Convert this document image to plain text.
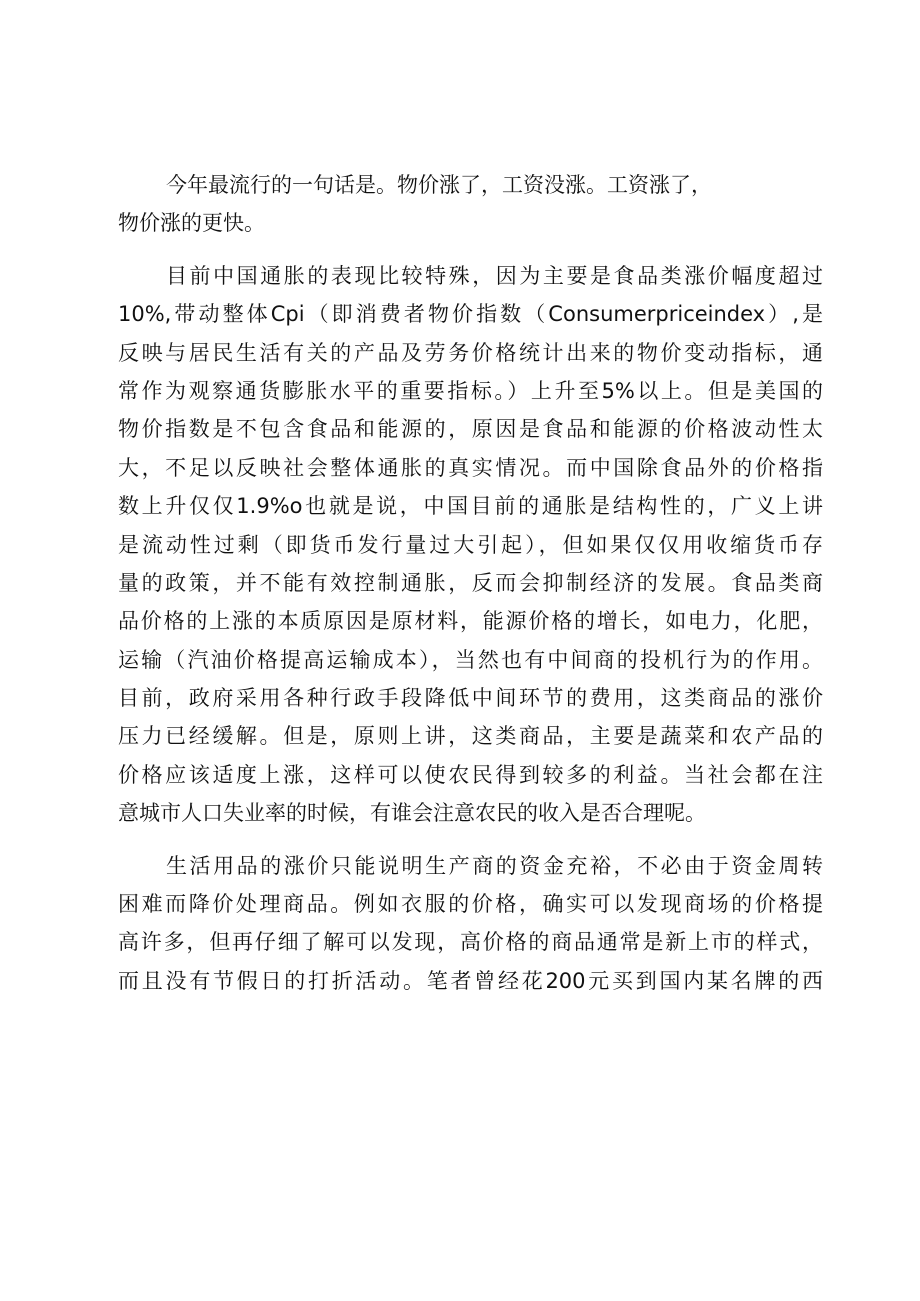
今年最流行的一句话是。物价涨了，工资没涨。工资涨了，
物价涨的更快。
目前中国通胀的表现比较特殊，因为主要是食品类涨价幅度超过
10%,带动整体Cpi（即消费者物价指数（Consumerpriceindex）,是
反映与居民生活有关的产品及劳务价格统计出来的物价变动指标，通
常作为观察通货膨胀水平的重要指标。）上升至5%以上。但是美国的
物价指数是不包含食品和能源的，原因是食品和能源的价格波动性太
大，不足以反映社会整体通胀的真实情况。而中国除食品外的价格指
数上升仅仅1.9%o也就是说，中国目前的通胀是结构性的，广义上讲
是流动性过剩（即货币发行量过大引起），但如果仅仅用收缩货币存
量的政策，并不能有效控制通胀，反而会抑制经济的发展。食品类商
品价格的上涨的本质原因是原材料，能源价格的增长，如电力，化肥，
运输（汽油价格提高运输成本），当然也有中间商的投机行为的作用。
目前，政府采用各种行政手段降低中间环节的费用，这类商品的涨价
压力已经缓解。但是，原则上讲，这类商品，主要是蔬菜和农产品的
价格应该适度上涨，这样可以使农民得到较多的利益。当社会都在注
意城市人口失业率的时候，有谁会注意农民的收入是否合理呢。
生活用品的涨价只能说明生产商的资金充裕，不必由于资金周转
困难而降价处理商品。例如衣服的价格，确实可以发现商场的价格提
高许多，但再仔细了解可以发现，高价格的商品通常是新上市的样式，
而且没有节假日的打折活动。笔者曾经花200元买到国内某名牌的西
